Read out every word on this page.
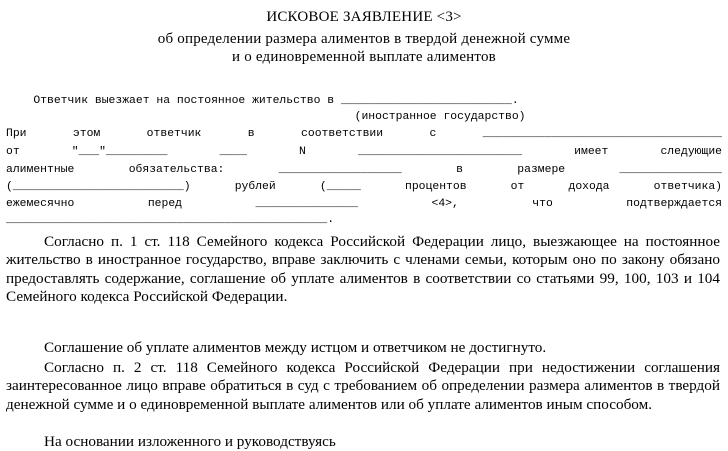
ИСКОВОЕ ЗАЯВЛЕНИЕ <3>
об определении размера алиментов в твердой денежной сумме
и о единовременной выплате алиментов
Ответчик выезжает на постоянное жительство в _________________________.
(иностранное государство)
При этом ответчик в соответствии с ___________________________________
от "___"_________ ____ N ________________________ имеет следующие
алиментные обязательства: __________________ в размере _______________
(_________________________) рублей (_____ процентов от дохода ответчика)
ежемесячно перед _______________ <4>, что подтверждается
_______________________________________________.
Согласно п. 1 ст. 118 Семейного кодекса Российской Федерации лицо, выезжающее на постоянное жительство в иностранное государство, вправе заключить с членами семьи, которым оно по закону обязано предоставлять содержание, соглашение об уплате алиментов в соответствии со статьями 99, 100, 103 и 104 Семейного кодекса Российской Федерации.
Соглашение об уплате алиментов между истцом и ответчиком не достигнуто.
Согласно п. 2 ст. 118 Семейного кодекса Российской Федерации при недостижении соглашения заинтересованное лицо вправе обратиться в суд с требованием об определении размера алиментов в твердой денежной сумме и о единовременной выплате алиментов или об уплате алиментов иным способом.
На основании изложенного и руководствуясь
